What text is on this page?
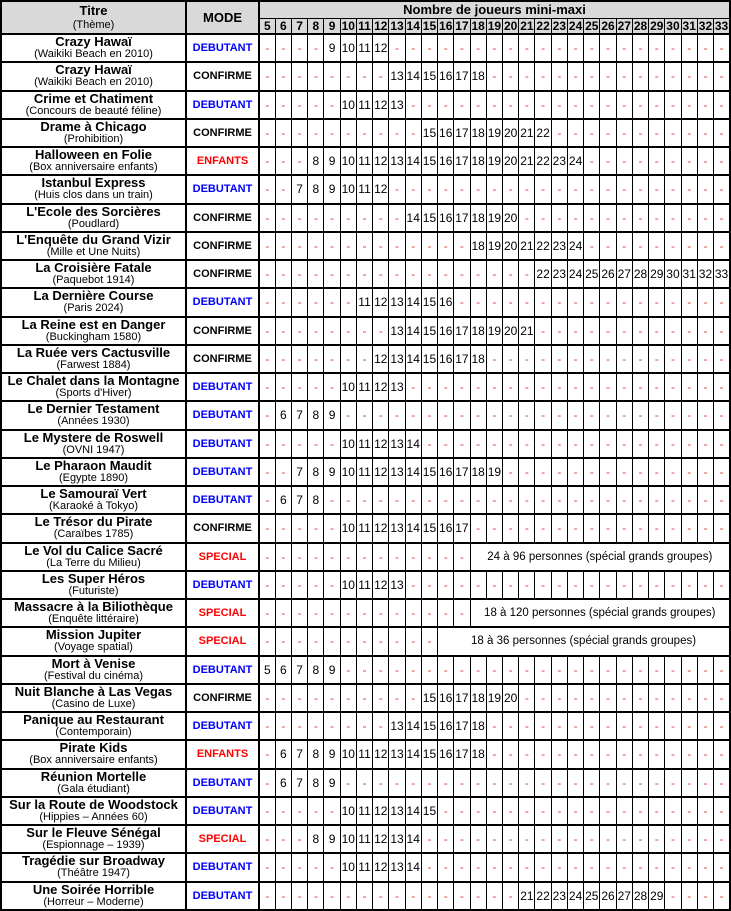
Titre
(Thème)	MODE	Nombre de joueurs mini-maxi																												
		5	6	7	8	9	10	11	12	13	14	15	16	17	18	19	20	21	22	23	24	25	26	27	28	29	30	31	32	33

Crazy Hawaï
(Waikiki Beach en 2010)	DEBUTANT	-	-	-	-	9	10	11	12	-	-	-	-	-	-	-	-	-	-	-	-	-	-	-	-	-	-	-	-	-

Crazy Hawaï
(Waikiki Beach en 2010)	CONFIRME	-	-	-	-	-	-	-	-	13	14	15	16	17	18	-	-	-	-	-	-	-	-	-	-	-	-	-	-	-

Crime et Chatiment
(Concours de beauté féline)	DEBUTANT	-	-	-	-	-	10	11	12	13	-	-	-	-	-	-	-	-	-	-	-	-	-	-	-	-	-	-	-	-

Drame à Chicago
(Prohibition)	CONFIRME	-	-	-	-	-	-	-	-	-	-	15	16	17	18	19	20	21	22	-	-	-	-	-	-	-	-	-	-	-

Halloween en Folie
(Box anniversaire enfants)	ENFANTS	-	-	-	8	9	10	11	12	13	14	15	16	17	18	19	20	21	22	23	24	-	-	-	-	-	-	-	-	-

Istanbul Express
(Huis clos dans un train)	DEBUTANT	-	-	7	8	9	10	11	12	-	-	-	-	-	-	-	-	-	-	-	-	-	-	-	-	-	-	-	-	-

L'Ecole des Sorcières
(Poudlard)	CONFIRME	-	-	-	-	-	-	-	-	-	14	15	16	17	18	19	20	-	-	-	-	-	-	-	-	-	-	-	-	-

L'Enquête du Grand Vizir
(Mille et Une Nuits)	CONFIRME	-	-	-	-	-	-	-	-	-	-	-	-	-	18	19	20	21	22	23	24	-	-	-	-	-	-	-	-	-

La Croisière Fatale
(Paquebot 1914)	CONFIRME	-	-	-	-	-	-	-	-	-	-	-	-	-	-	-	-	-	22	23	24	25	26	27	28	29	30	31	32	33

La Dernière Course
(Paris 2024)	DEBUTANT	-	-	-	-	-	-	11	12	13	14	15	16	-	-	-	-	-	-	-	-	-	-	-	-	-	-	-	-	-

La Reine est en Danger
(Buckingham 1580)	CONFIRME	-	-	-	-	-	-	-	-	13	14	15	16	17	18	19	20	21	-	-	-	-	-	-	-	-	-	-	-	-

La Ruée vers Cactusville
(Farwest 1884)	CONFIRME	-	-	-	-	-	-	-	12	13	14	15	16	17	18	-	-	-	-	-	-	-	-	-	-	-	-	-	-	-

Le Chalet dans la Montagne
(Sports d'Hiver)	DEBUTANT	-	-	-	-	-	10	11	12	13	-	-	-	-	-	-	-	-	-	-	-	-	-	-	-	-	-	-	-	-

Le Dernier Testament
(Années 1930)	DEBUTANT	-	6	7	8	9	-	-	-	-	-	-	-	-	-	-	-	-	-	-	-	-	-	-	-	-	-	-	-	-

Le Mystere de Roswell
(OVNI 1947)	DEBUTANT	-	-	-	-	-	10	11	12	13	14	-	-	-	-	-	-	-	-	-	-	-	-	-	-	-	-	-	-	-

Le Pharaon Maudit
(Egypte 1890)	DEBUTANT	-	-	7	8	9	10	11	12	13	14	15	16	17	18	19	-	-	-	-	-	-	-	-	-	-	-	-	-	-

Le Samouraï Vert
(Karaoké à Tokyo)	DEBUTANT	-	6	7	8	-	-	-	-	-	-	-	-	-	-	-	-	-	-	-	-	-	-	-	-	-	-	-	-	-

Le Trésor du Pirate
(Caraïbes 1785)	CONFIRME	-	-	-	-	-	10	11	12	13	14	15	16	17	-	-	-	-	-	-	-	-	-	-	-	-	-	-	-	-

Le Vol du Calice Sacré
(La Terre du Milieu)	SPECIAL	-	-	-	-	-	-	-	-	-	-	-	-	-	24 à 96 personnes (spécial grands groupes)															

Les Super Héros
(Futuriste)	DEBUTANT	-	-	-	-	-	10	11	12	13	-	-	-	-	-	-	-	-	-	-	-	-	-	-	-	-	-	-	-	-

Massacre à la Biliothèque
(Enquête littéraire)	SPECIAL	-	-	-	-	-	-	-	-	-	-	-	-	-	18 à 120 personnes (spécial grands groupes)															

Mission Jupiter
(Voyage spatial)	SPECIAL	-	-	-	-	-	-	-	-	-	-	-	18 à 36 personnes (spécial grands groupes)																	

Mort à Venise
(Festival du cinéma)	DEBUTANT	5	6	7	8	9	-	-	-	-	-	-	-	-	-	-	-	-	-	-	-	-	-	-	-	-	-	-	-	-

Nuit Blanche à Las Vegas
(Casino de Luxe)	CONFIRME	-	-	-	-	-	-	-	-	-	-	15	16	17	18	19	20	-	-	-	-	-	-	-	-	-	-	-	-	-

Panique au Restaurant
(Contemporain)	DEBUTANT	-	-	-	-	-	-	-	-	13	14	15	16	17	18	-	-	-	-	-	-	-	-	-	-	-	-	-	-	-

Pirate Kids
(Box anniversaire enfants)	ENFANTS	-	6	7	8	9	10	11	12	13	14	15	16	17	18	-	-	-	-	-	-	-	-	-	-	-	-	-	-	-

Réunion Mortelle
(Gala étudiant)	DEBUTANT	-	6	7	8	9	-	-	-	-	-	-	-	-	-	-	-	-	-	-	-	-	-	-	-	-	-	-	-	-

Sur la Route de Woodstock
(Hippies – Années 60)	DEBUTANT	-	-	-	-	-	10	11	12	13	14	15	-	-	-	-	-	-	-	-	-	-	-	-	-	-	-	-	-	-

Sur le Fleuve Sénégal
(Espionnage – 1939)	SPECIAL	-	-	-	8	9	10	11	12	13	14	-	-	-	-	-	-	-	-	-	-	-	-	-	-	-	-	-	-	-

Tragédie sur Broadway
(Théâtre 1947)	DEBUTANT	-	-	-	-	-	10	11	12	13	14	-	-	-	-	-	-	-	-	-	-	-	-	-	-	-	-	-	-	-

Une Soirée Horrible
(Horreur – Moderne)	DEBUTANT	-	-	-	-	-	-	-	-	-	-	-	-	-	-	-	-	21	22	23	24	25	26	27	28	29	-	-	-	-
